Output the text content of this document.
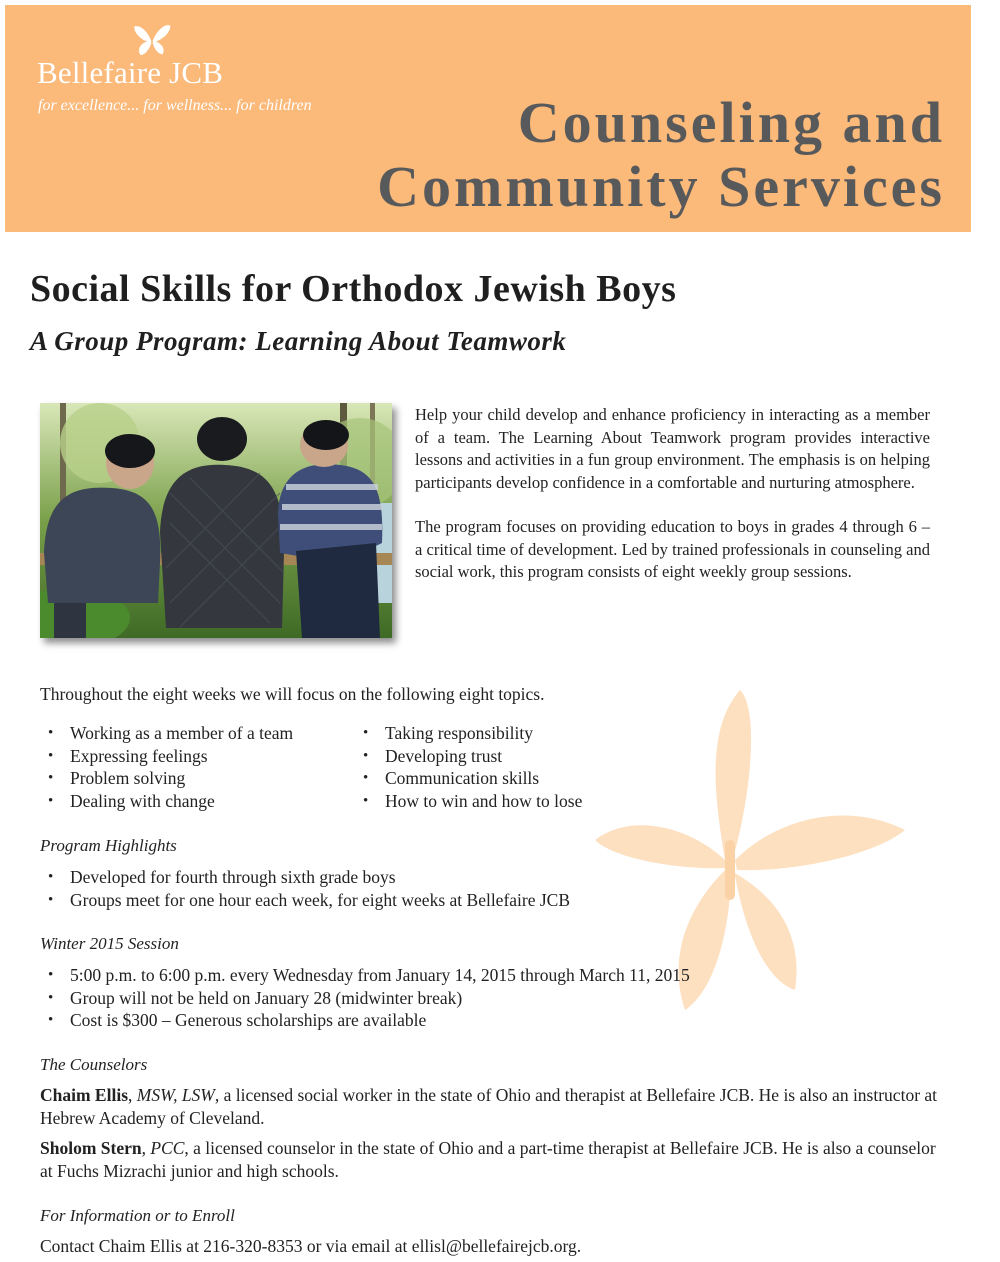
Bellefaire JCB
for excellence... for wellness... for children	Counseling and
Community Services
Social Skills for Orthodox Jewish Boys
A Group Program: Learning About Teamwork

Help your child develop and enhance proficiency in interacting as a member of a team. The Learning About Teamwork program provides interactive lessons and activities in a fun group environment. The emphasis is on helping participants develop confidence in a comfortable and nurturing atmosphere.

The program focuses on providing education to boys in grades 4 through 6 – a critical time of development. Led by trained professionals in counseling and social work, this program consists of eight weekly group sessions.

Throughout the eight weeks we will focus on the following eight topics.

• Working as a member of a team
• Expressing feelings
• Problem solving
• Dealing with change
• Taking responsibility
• Developing trust
• Communication skills
• How to win and how to lose
Program Highlights
• Developed for fourth through sixth grade boys
• Groups meet for one hour each week, for eight weeks at Bellefaire JCB
Winter 2015 Session
• 5:00 p.m. to 6:00 p.m. every Wednesday from January 14, 2015 through March 11, 2015
• Group will not be held on January 28 (midwinter break)
• Cost is $300 – Generous scholarships are available
The Counselors

Chaim Ellis, MSW, LSW, a licensed social worker in the state of Ohio and therapist at Bellefaire JCB. He is also an instructor at Hebrew Academy of Cleveland.

Sholom Stern, PCC, a licensed counselor in the state of Ohio and a part-time therapist at Bellefaire JCB. He is also a counselor at Fuchs Mizrachi junior and high schools.

For Information or to Enroll

Contact Chaim Ellis at 216-320-8353 or via email at ellisl@bellefairejcb.org.
